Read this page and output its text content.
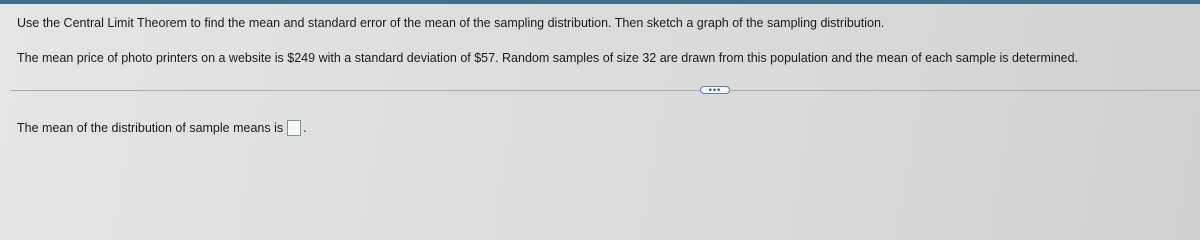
Use the Central Limit Theorem to find the mean and standard error of the mean of the sampling distribution. Then sketch a graph of the sampling distribution.
The mean price of photo printers on a website is $249 with a standard deviation of $57. Random samples of size 32 are drawn from this population and the mean of each sample is determined.
•••
The mean of the distribution of sample means is .
